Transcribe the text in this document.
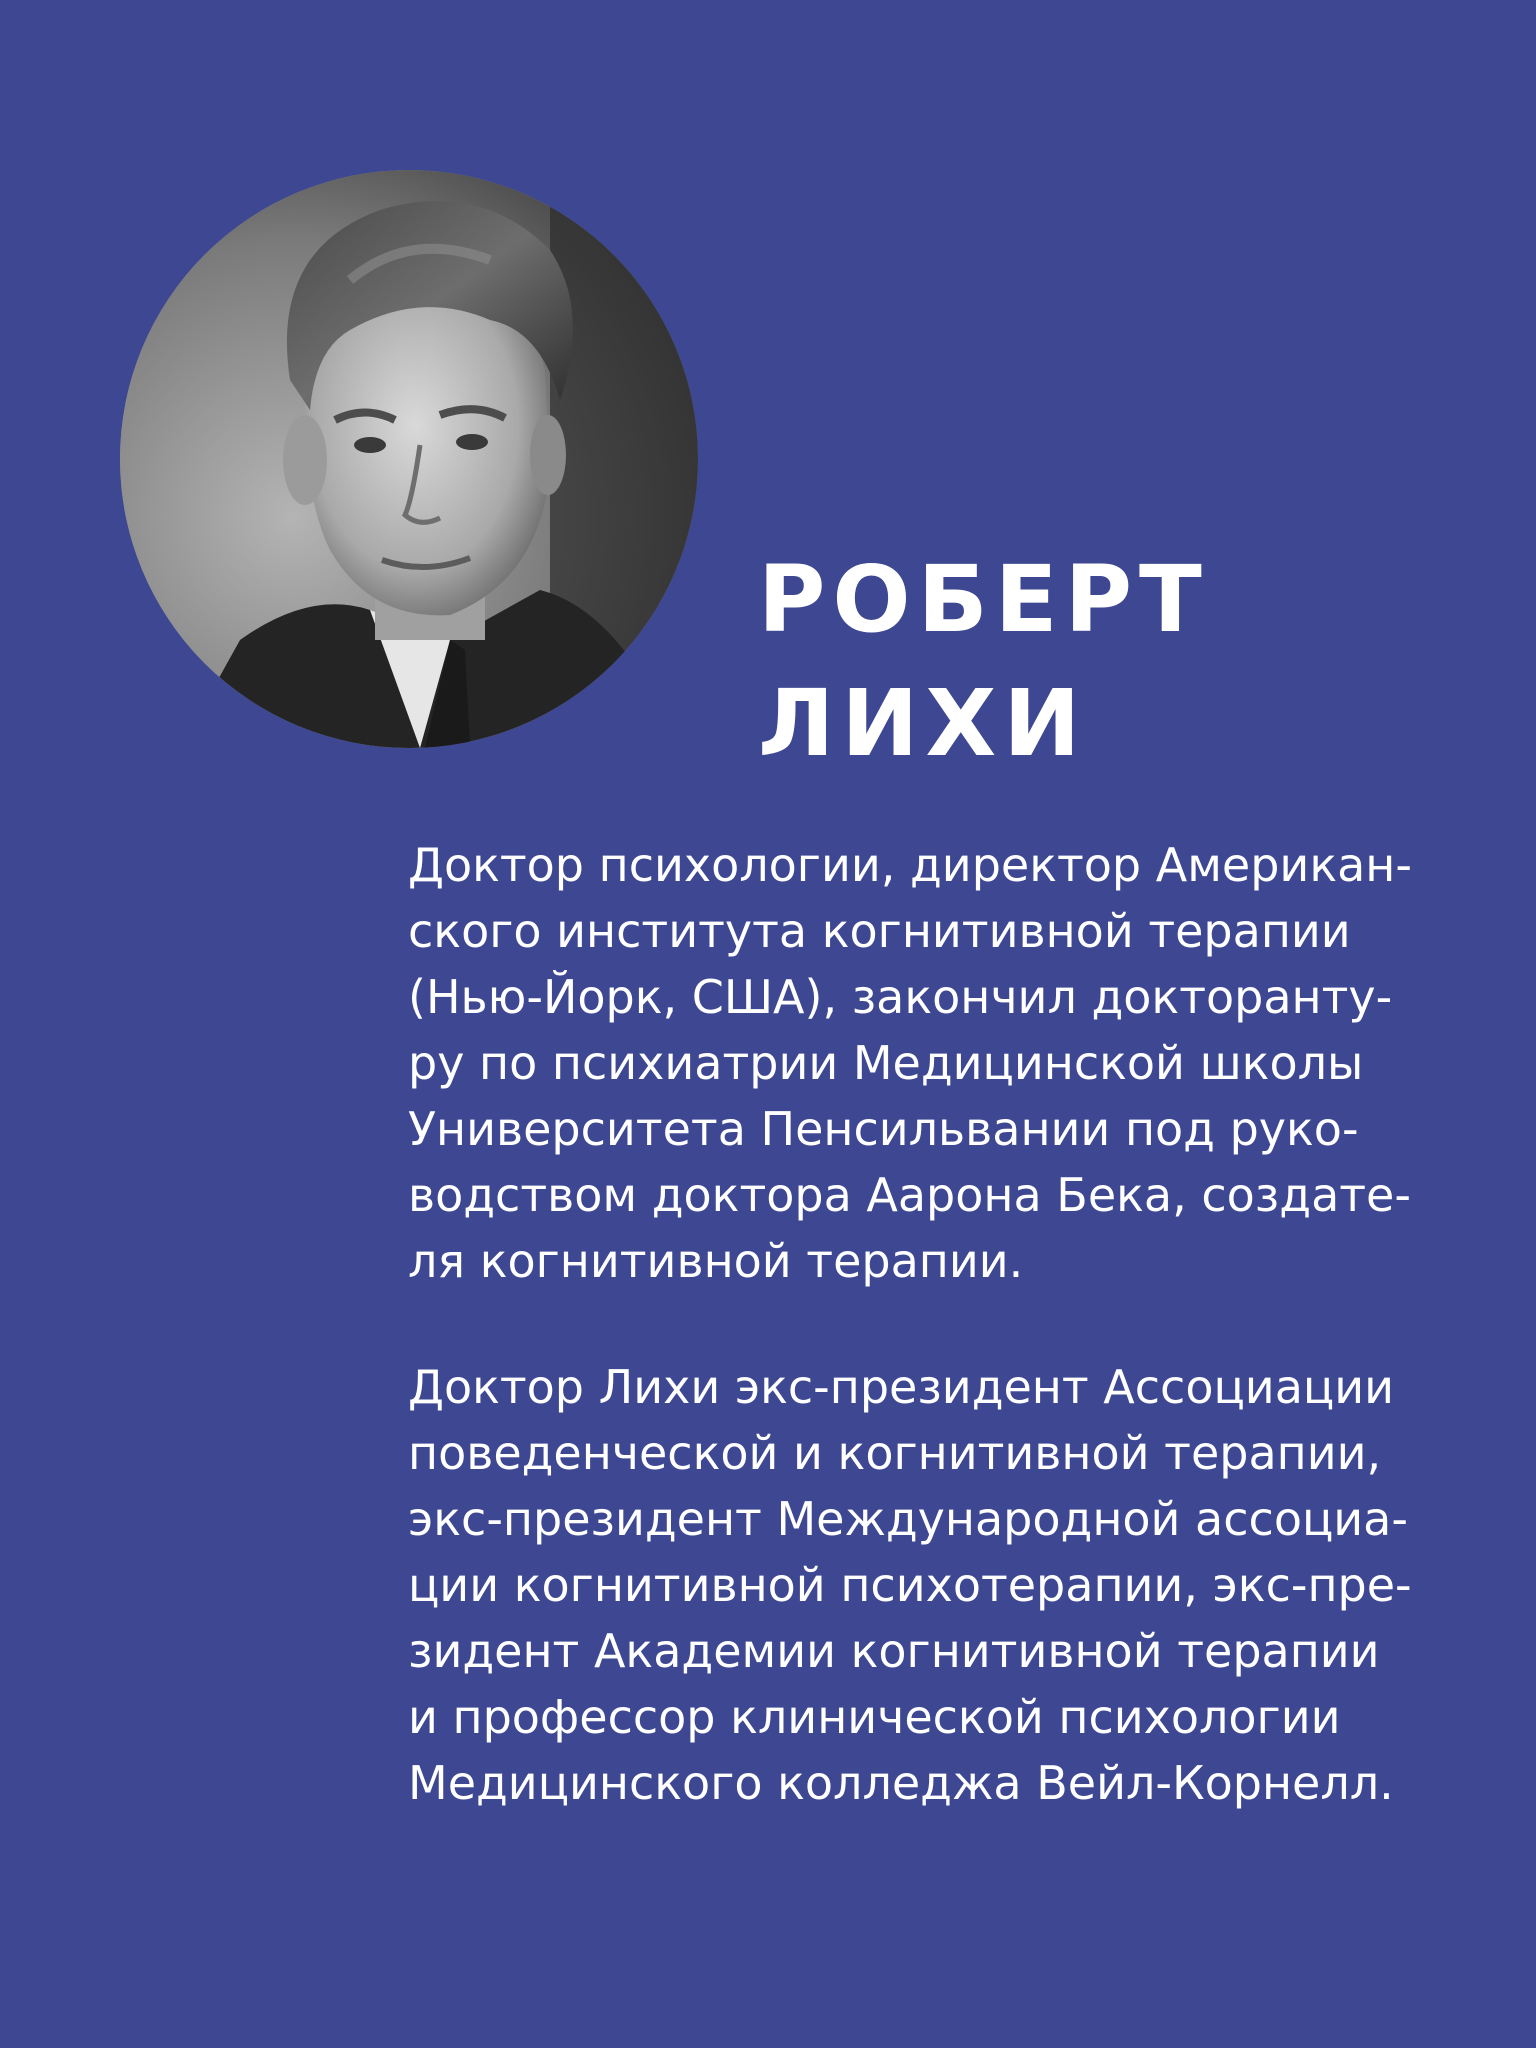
РОБЕРТ
ЛИХИ

Доктор психологии, директор Американ-
ского института когнитивной терапии
(Нью-Йорк, США), закончил докторанту-
ру по психиатрии Медицинской школы
Университета Пенсильвании под руко-
водством доктора Аарона Бека, создате-
ля когнитивной терапии.

Доктор Лихи экс-президент Ассоциации
поведенческой и когнитивной терапии,
экс-президент Международной ассоциа-
ции когнитивной психотерапии, экс-пре-
зидент Академии когнитивной терапии
и профессор клинической психологии
Медицинского колледжа Вейл-Корнелл.
